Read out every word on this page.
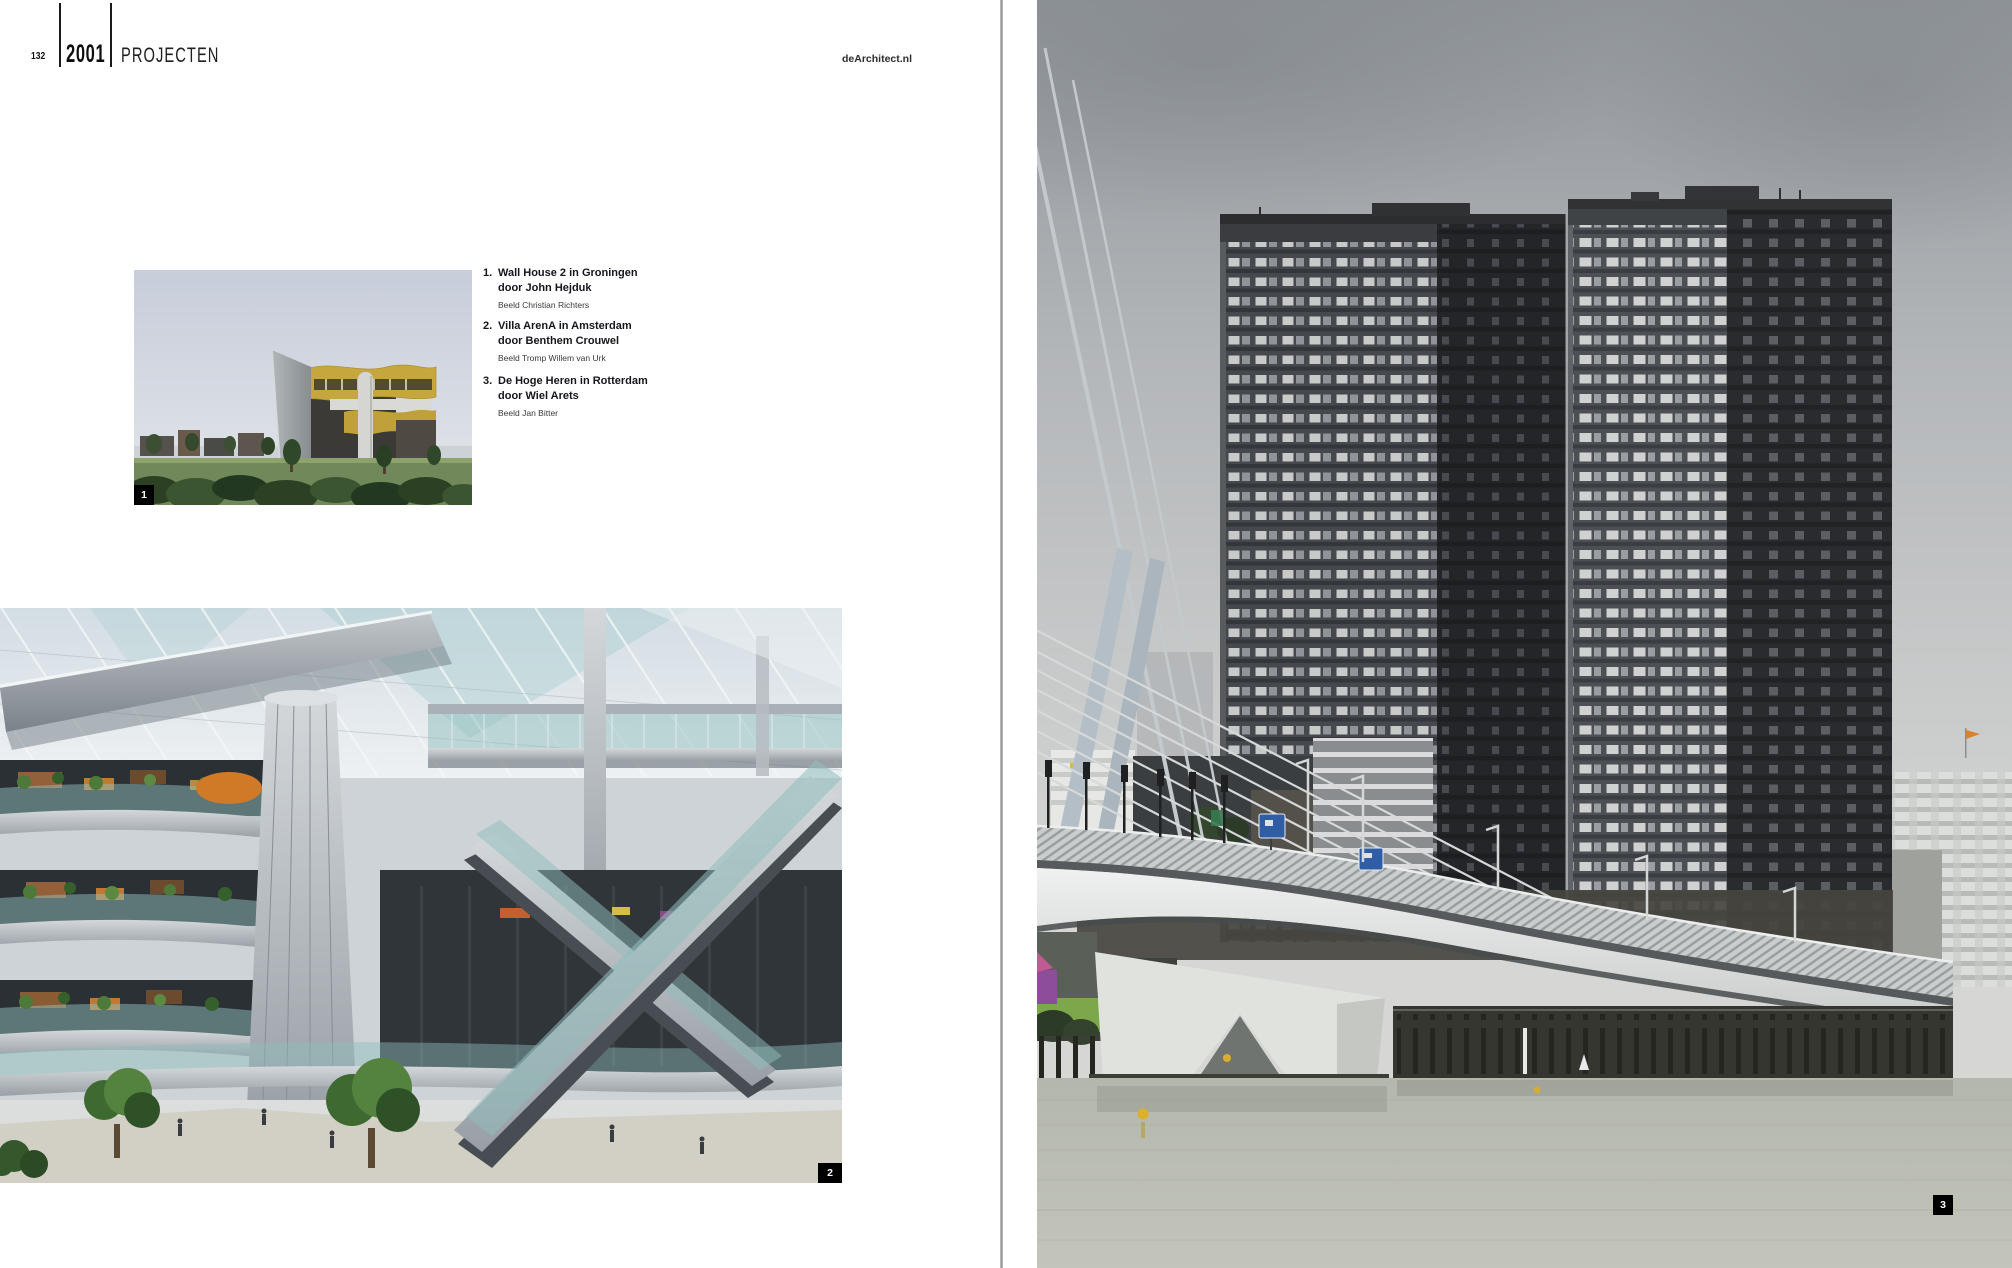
132 2001 PROJECTEN	deArchitect.nl
1. Wall House 2 in Groningen
door John Hejduk
Beeld Christian Richters
2. Villa ArenA in Amsterdam
door Benthem Crouwel
Beeld Tromp Willem van Urk
3. De Hoge Heren in Rotterdam
door Wiel Arets
Beeld Jan Bitter
1
2
3
